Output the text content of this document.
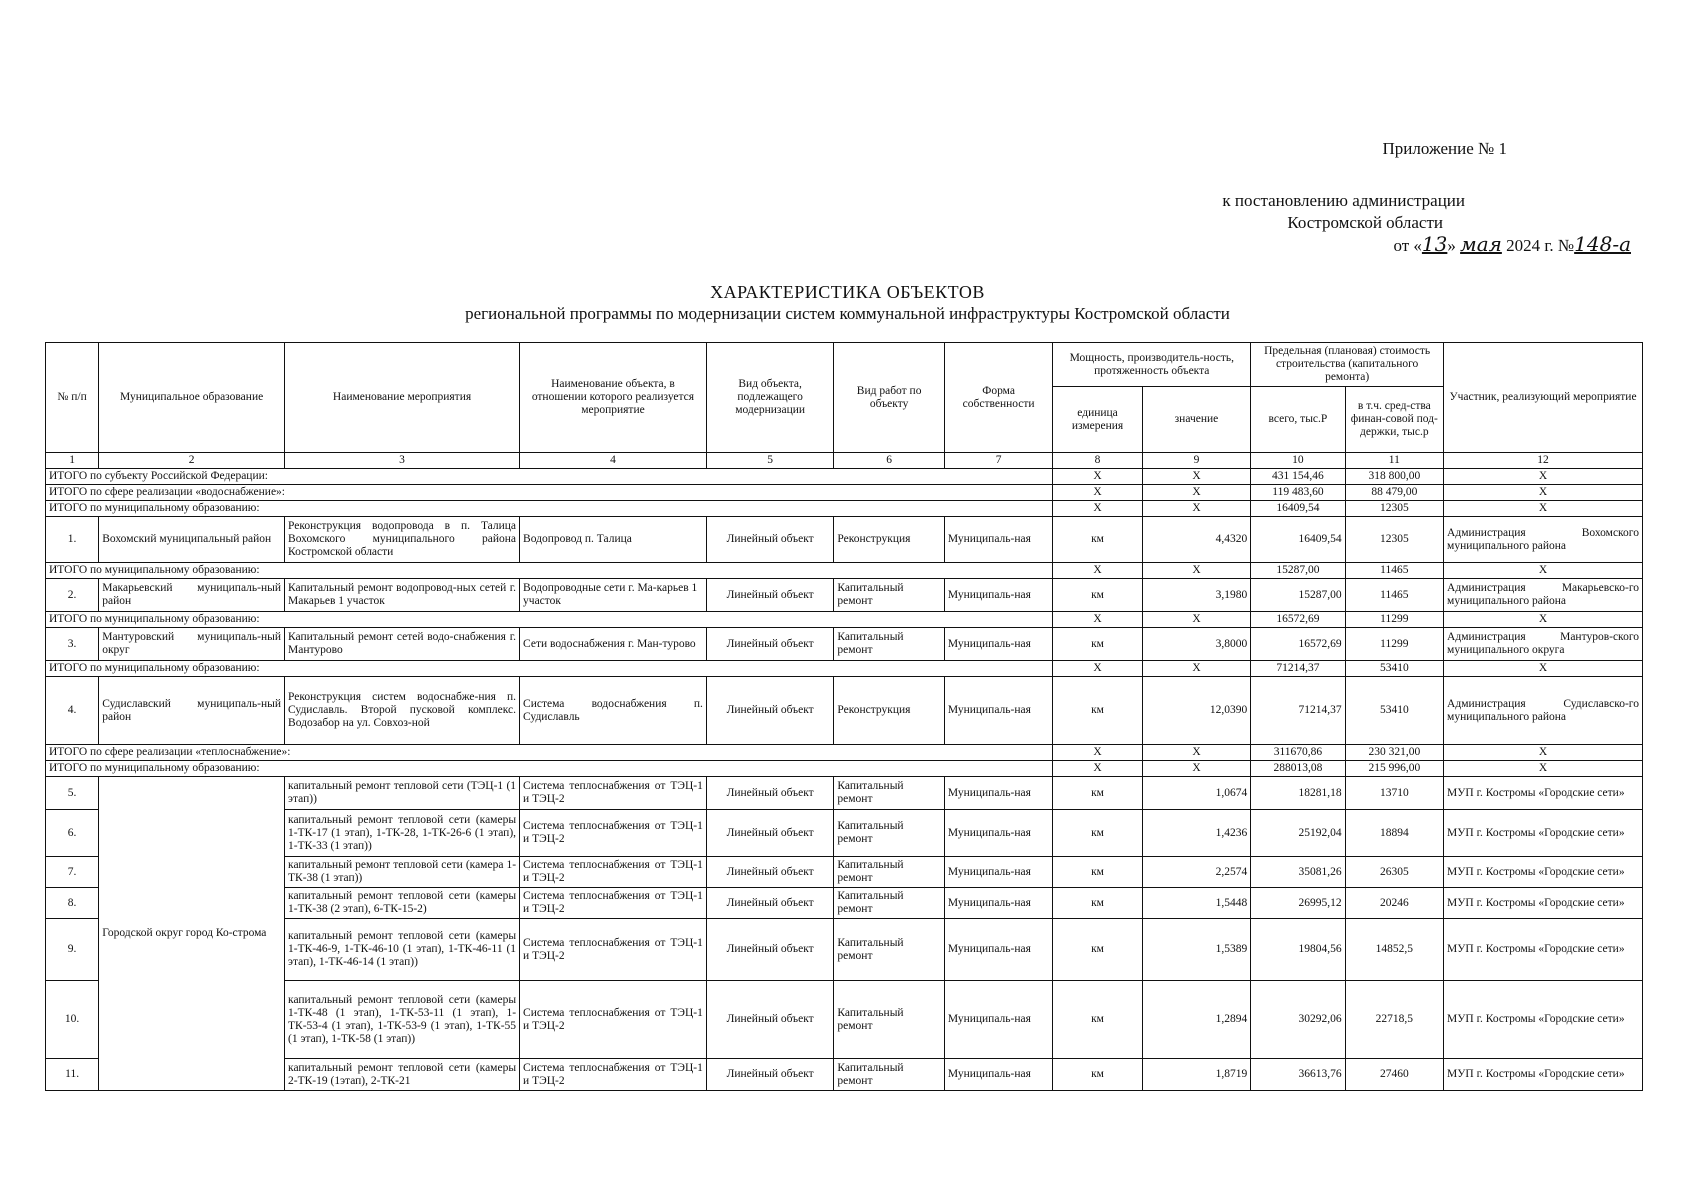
Приложение № 1
к постановлению администрации
Костромской области
от «13» мая 2024 г. №148-а
ХАРАКТЕРИСТИКА ОБЪЕКТОВ
региональной программы по модернизации систем коммунальной инфраструктуры Костромской области
№ п/п	Муниципальное образование	Наименование мероприятия	Наименование объекта, в отношении которого реализуется мероприятие	Вид объекта, подлежащего модернизации	Вид работ по объекту	Форма собственности	Мощность, производитель-ность, протяженность объекта		Предельная (плановая) стоимость строительства (капитального ремонта)		Участник, реализующий мероприятие
							единица измерения	значение	всего, тыс.Р	в т.ч. сред-ства финан-совой под-держки, тыс.р	
1	2	3	4	5	6	7	8	9	10	11	12
ИТОГО по субъекту Российской Федерации:							X	X	431 154,46	318 800,00	X
ИТОГО по сфере реализации «водоснабжение»:							X	X	119 483,60	88 479,00	X
ИТОГО по муниципальному образованию:							X	X	16409,54	12305	X
1.	Вохомский муниципальный район	Реконструкция водопровода в п. Талица Вохомского муниципального района Костромской области	Водопровод п. Талица	Линейный объект	Реконструкция	Муниципаль-ная	км	4,4320	16409,54	12305	Администрация Вохомского муниципального района
ИТОГО по муниципальному образованию:							X	X	15287,00	11465	X
2.	Макарьевский муниципаль-ный район	Капитальный ремонт водопровод-ных сетей г. Макарьев 1 участок	Водопроводные сети г. Ма-карьев 1 участок	Линейный объект	Капитальный ремонт	Муниципаль-ная	км	3,1980	15287,00	11465	Администрация Макарьевско-го муниципального района
ИТОГО по муниципальному образованию:							X	X	16572,69	11299	X
3.	Мантуровский муниципаль-ный округ	Капитальный ремонт сетей водо-снабжения г. Мантурово	Сети водоснабжения г. Ман-турово	Линейный объект	Капитальный ремонт	Муниципаль-ная	км	3,8000	16572,69	11299	Администрация Мантуров-ского муниципального округа
ИТОГО по муниципальному образованию:							X	X	71214,37	53410	X
4.	Судиславский муниципаль-ный район	Реконструкция систем водоснабже-ния п. Судиславль. Второй пусковой комплекс. Водозабор на ул. Совхоз-ной	Система водоснабжения п. Судиславль	Линейный объект	Реконструкция	Муниципаль-ная	км	12,0390	71214,37	53410	Администрация Судиславско-го муниципального района
ИТОГО по сфере реализации «теплоснабжение»:							X	X	311670,86	230 321,00	X
ИТОГО по муниципальному образованию:							X	X	288013,08	215 996,00	X
5.	Городской округ город Ко-строма	капитальный ремонт тепловой сети (ТЭЦ-1 (1 этап))	Система теплоснабжения от ТЭЦ-1 и ТЭЦ-2	Линейный объект	Капитальный ремонт	Муниципаль-ная	км	1,0674	18281,18	13710	МУП г. Костромы «Городские сети»
6.		капитальный ремонт тепловой сети (камеры 1-ТК-17 (1 этап), 1-ТК-28, 1-ТК-26-6 (1 этап), 1-ТК-33 (1 этап))	Система теплоснабжения от ТЭЦ-1 и ТЭЦ-2	Линейный объект	Капитальный ремонт	Муниципаль-ная	км	1,4236	25192,04	18894	МУП г. Костромы «Городские сети»
7.		капитальный ремонт тепловой сети (камера 1-ТК-38 (1 этап))	Система теплоснабжения от ТЭЦ-1 и ТЭЦ-2	Линейный объект	Капитальный ремонт	Муниципаль-ная	км	2,2574	35081,26	26305	МУП г. Костромы «Городские сети»
8.		капитальный ремонт тепловой сети (камеры 1-ТК-38 (2 этап), 6-ТК-15-2)	Система теплоснабжения от ТЭЦ-1 и ТЭЦ-2	Линейный объект	Капитальный ремонт	Муниципаль-ная	км	1,5448	26995,12	20246	МУП г. Костромы «Городские сети»
9.		капитальный ремонт тепловой сети (камеры 1-ТК-46-9, 1-ТК-46-10 (1 этап), 1-ТК-46-11 (1 этап), 1-ТК-46-14 (1 этап))	Система теплоснабжения от ТЭЦ-1 и ТЭЦ-2	Линейный объект	Капитальный ремонт	Муниципаль-ная	км	1,5389	19804,56	14852,5	МУП г. Костромы «Городские сети»
10.		капитальный ремонт тепловой сети (камеры 1-ТК-48 (1 этап), 1-ТК-53-11 (1 этап), 1-ТК-53-4 (1 этап), 1-ТК-53-9 (1 этап), 1-ТК-55 (1 этап), 1-ТК-58 (1 этап))	Система теплоснабжения от ТЭЦ-1 и ТЭЦ-2	Линейный объект	Капитальный ремонт	Муниципаль-ная	км	1,2894	30292,06	22718,5	МУП г. Костромы «Городские сети»
11.		капитальный ремонт тепловой сети (камеры 2-ТК-19 (1этап), 2-ТК-21	Система теплоснабжения от ТЭЦ-1 и ТЭЦ-2	Линейный объект	Капитальный ремонт	Муниципаль-ная	км	1,8719	36613,76	27460	МУП г. Костромы «Городские сети»
